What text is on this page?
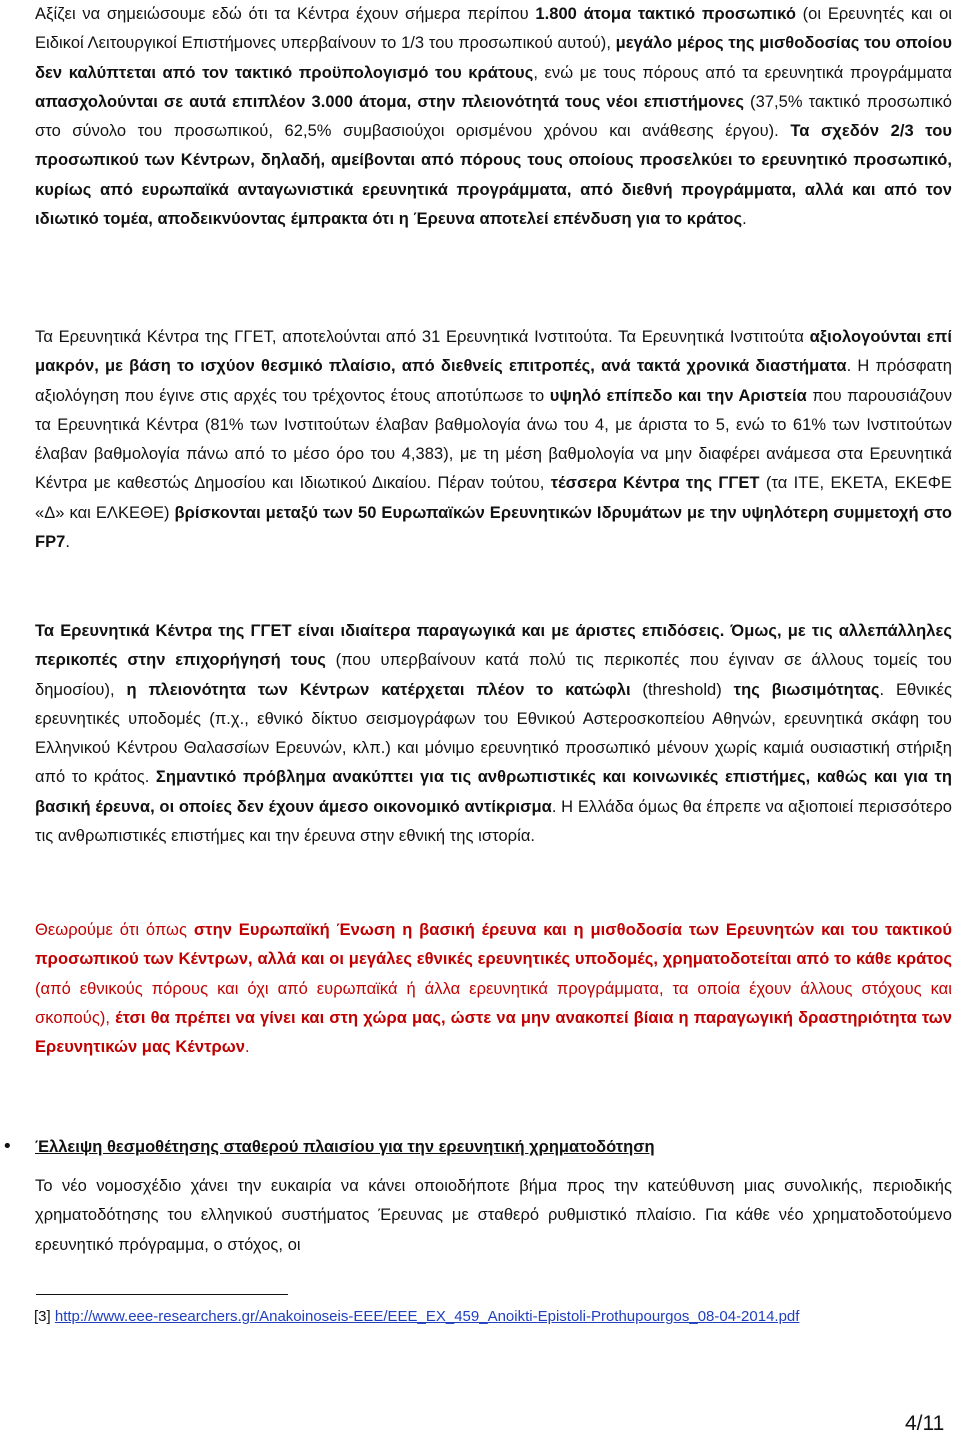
Αξίζει να σημειώσουμε εδώ ότι τα Κέντρα έχουν σήμερα περίπου 1.800 άτομα τακτικό προσωπικό (οι Ερευνητές και οι Ειδικοί Λειτουργικοί Επιστήμονες υπερβαίνουν το 1/3 του προσωπικού αυτού), μεγάλο μέρος της μισθοδοσίας του οποίου δεν καλύπτεται από τον τακτικό προϋπολογισμό του κράτους, ενώ με τους πόρους από τα ερευνητικά προγράμματα απασχολούνται σε αυτά επιπλέον 3.000 άτομα, στην πλειονότητά τους νέοι επιστήμονες (37,5% τακτικό προσωπικό στο σύνολο του προσωπικού, 62,5% συμβασιούχοι ορισμένου χρόνου και ανάθεσης έργου). Τα σχεδόν 2/3 του προσωπικού των Κέντρων, δηλαδή, αμείβονται από πόρους τους οποίους προσελκύει το ερευνητικό προσωπικό, κυρίως από ευρωπαϊκά ανταγωνιστικά ερευνητικά προγράμματα, από διεθνή προγράμματα, αλλά και από τον ιδιωτικό τομέα, αποδεικνύοντας έμπρακτα ότι η Έρευνα αποτελεί επένδυση για το κράτος.

Τα Ερευνητικά Κέντρα της ΓΓΕΤ, αποτελούνται από 31 Ερευνητικά Ινστιτούτα. Τα Ερευνητικά Ινστιτούτα αξιολογούνται επί μακρόν, με βάση το ισχύον θεσμικό πλαίσιο, από διεθνείς επιτροπές, ανά τακτά χρονικά διαστήματα. Η πρόσφατη αξιολόγηση που έγινε στις αρχές του τρέχοντος έτους αποτύπωσε το υψηλό επίπεδο και την Αριστεία που παρουσιάζουν τα Ερευνητικά Κέντρα (81% των Ινστιτούτων έλαβαν βαθμολογία άνω του 4, με άριστα το 5, ενώ το 61% των Ινστιτούτων έλαβαν βαθμολογία πάνω από το μέσο όρο του 4,383), με τη μέση βαθμολογία να μην διαφέρει ανάμεσα στα Ερευνητικά Κέντρα με καθεστώς Δημοσίου και Ιδιωτικού Δικαίου. Πέραν τούτου, τέσσερα Κέντρα της ΓΓΕΤ (τα ΙΤΕ, ΕΚΕΤΑ, ΕΚΕΦΕ «Δ» και ΕΛΚΕΘΕ) βρίσκονται μεταξύ των 50 Ευρωπαϊκών Ερευνητικών Ιδρυμάτων με την υψηλότερη συμμετοχή στο FP7.

Τα Ερευνητικά Κέντρα της ΓΓΕΤ είναι ιδιαίτερα παραγωγικά και με άριστες επιδόσεις. Όμως, με τις αλλεπάλληλες περικοπές στην επιχορήγησή τους (που υπερβαίνουν κατά πολύ τις περικοπές που έγιναν σε άλλους τομείς του δημοσίου), η πλειονότητα των Κέντρων κατέρχεται πλέον το κατώφλι (threshold) της βιωσιμότητας. Εθνικές ερευνητικές υποδομές (π.χ., εθνικό δίκτυο σεισμογράφων του Εθνικού Αστεροσκοπείου Αθηνών, ερευνητικά σκάφη του Ελληνικού Κέντρου Θαλασσίων Ερευνών, κλπ.) και μόνιμο ερευνητικό προσωπικό μένουν χωρίς καμιά ουσιαστική στήριξη από το κράτος. Σημαντικό πρόβλημα ανακύπτει για τις ανθρωπιστικές και κοινωνικές επιστήμες, καθώς και για τη βασική έρευνα, οι οποίες δεν έχουν άμεσο οικονομικό αντίκρισμα. Η Ελλάδα όμως θα έπρεπε να αξιοποιεί περισσότερο τις ανθρωπιστικές επιστήμες και την έρευνα στην εθνική της ιστορία.

Θεωρούμε ότι όπως στην Ευρωπαϊκή Ένωση η βασική έρευνα και η μισθοδοσία των Ερευνητών και του τακτικού προσωπικού των Κέντρων, αλλά και οι μεγάλες εθνικές ερευνητικές υποδομές, χρηματοδοτείται από το κάθε κράτος (από εθνικούς πόρους και όχι από ευρωπαϊκά ή άλλα ερευνητικά προγράμματα, τα οποία έχουν άλλους στόχους και σκοπούς), έτσι θα πρέπει να γίνει και στη χώρα μας, ώστε να μην ανακοπεί βίαια η παραγωγική δραστηριότητα των Ερευνητικών μας Κέντρων.

• Έλλειψη θεσμοθέτησης σταθερού πλαισίου για την ερευνητική χρηματοδότηση

Το νέο νομοσχέδιο χάνει την ευκαιρία να κάνει οποιοδήποτε βήμα προς την κατεύθυνση μιας συνολικής, περιοδικής χρηματοδότησης του ελληνικού συστήματος Έρευνας με σταθερό ρυθμιστικό πλαίσιο. Για κάθε νέο χρηματοδοτούμενο ερευνητικό πρόγραμμα, ο στόχος, οι

[3] http://www.eee-researchers.gr/Anakoinoseis-EEE/EEE_EX_459_Anoikti-Epistoli-Prothupourgos_08-04-2014.pdf
4/11
